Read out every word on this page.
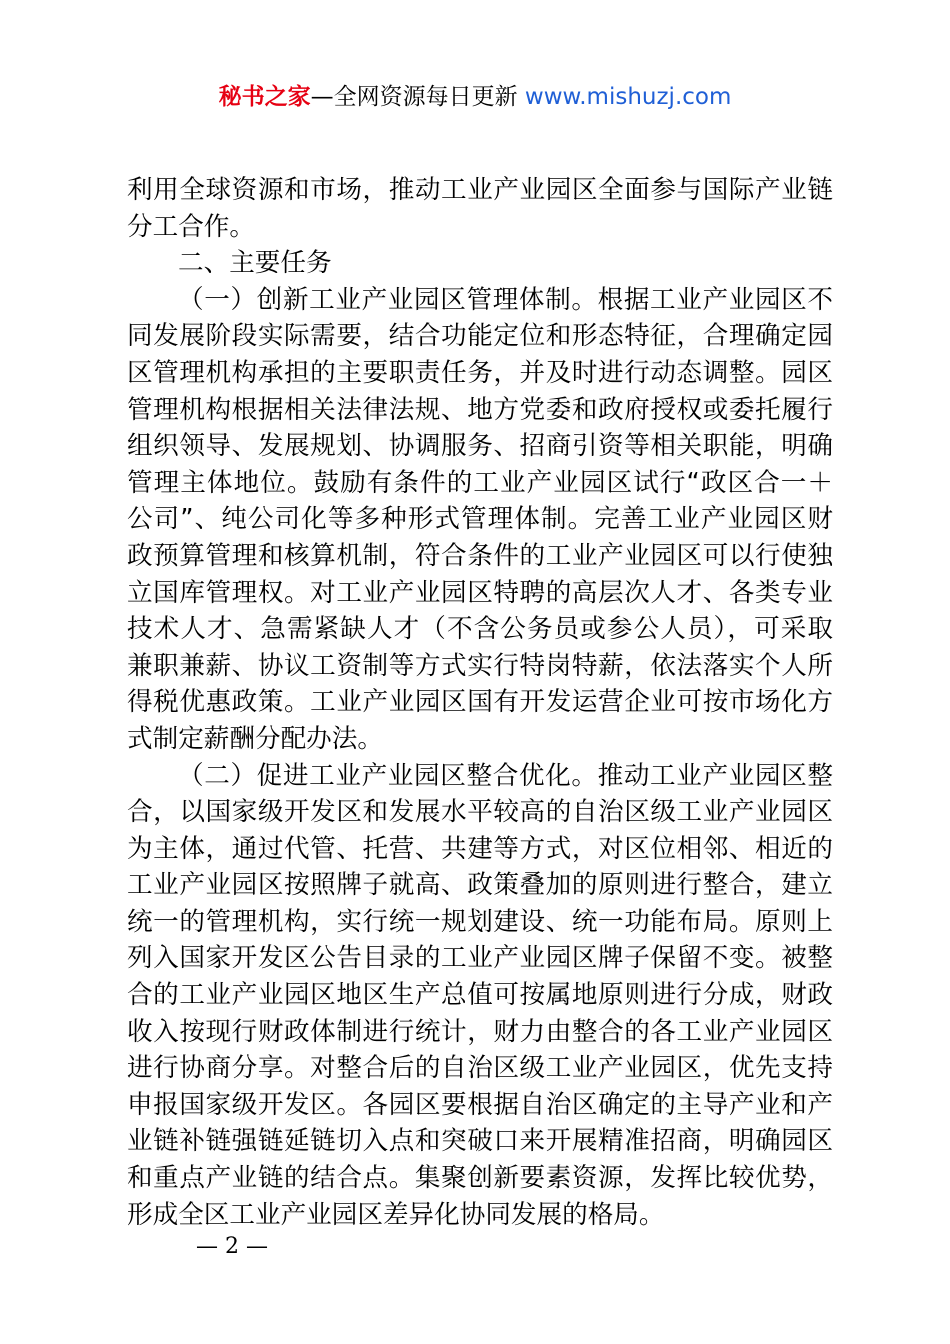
秘书之家—全网资源每日更新 www.mishuzj.com
利用全球资源和市场，推动工业产业园区全面参与国际产业链
分工合作。
二、主要任务
（一）创新工业产业园区管理体制。根据工业产业园区不
同发展阶段实际需要，结合功能定位和形态特征，合理确定园
区管理机构承担的主要职责任务，并及时进行动态调整。园区
管理机构根据相关法律法规、地方党委和政府授权或委托履行
组织领导、发展规划、协调服务、招商引资等相关职能，明确
管理主体地位。鼓励有条件的工业产业园区试行“政区合一＋
公司”、纯公司化等多种形式管理体制。完善工业产业园区财
政预算管理和核算机制，符合条件的工业产业园区可以行使独
立国库管理权。对工业产业园区特聘的高层次人才、各类专业
技术人才、急需紧缺人才（不含公务员或参公人员），可采取
兼职兼薪、协议工资制等方式实行特岗特薪，依法落实个人所
得税优惠政策。工业产业园区国有开发运营企业可按市场化方
式制定薪酬分配办法。
（二）促进工业产业园区整合优化。推动工业产业园区整
合，以国家级开发区和发展水平较高的自治区级工业产业园区
为主体，通过代管、托营、共建等方式，对区位相邻、相近的
工业产业园区按照牌子就高、政策叠加的原则进行整合，建立
统一的管理机构，实行统一规划建设、统一功能布局。原则上
列入国家开发区公告目录的工业产业园区牌子保留不变。被整
合的工业产业园区地区生产总值可按属地原则进行分成，财政
收入按现行财政体制进行统计，财力由整合的各工业产业园区
进行协商分享。对整合后的自治区级工业产业园区，优先支持
申报国家级开发区。各园区要根据自治区确定的主导产业和产
业链补链强链延链切入点和突破口来开展精准招商，明确园区
和重点产业链的结合点。集聚创新要素资源，发挥比较优势，
形成全区工业产业园区差异化协同发展的格局。
— 2 —
